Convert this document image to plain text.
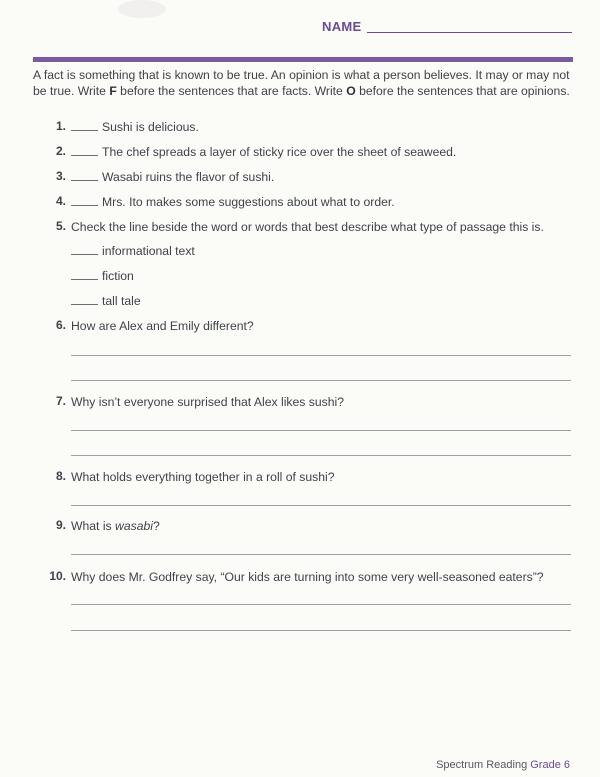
NAME
A fact is something that is known to be true. An opinion is what a person believes. It may or may not be true. Write F before the sentences that are facts. Write O before the sentences that are opinions.
1.	Sushi is delicious.
2.	The chef spreads a layer of sticky rice over the sheet of seaweed.
3.	Wasabi ruins the flavor of sushi.
4.	Mrs. Ito makes some suggestions about what to order.
5. Check the line beside the word or words that best describe what type of passage this is.
informational text
fiction
tall tale
6. How are Alex and Emily different?
7. Why isn’t everyone surprised that Alex likes sushi?
8. What holds everything together in a roll of sushi?
9. What is wasabi?
10. Why does Mr. Godfrey say, “Our kids are turning into some very well-seasoned eaters”?
Spectrum Reading Grade 6
